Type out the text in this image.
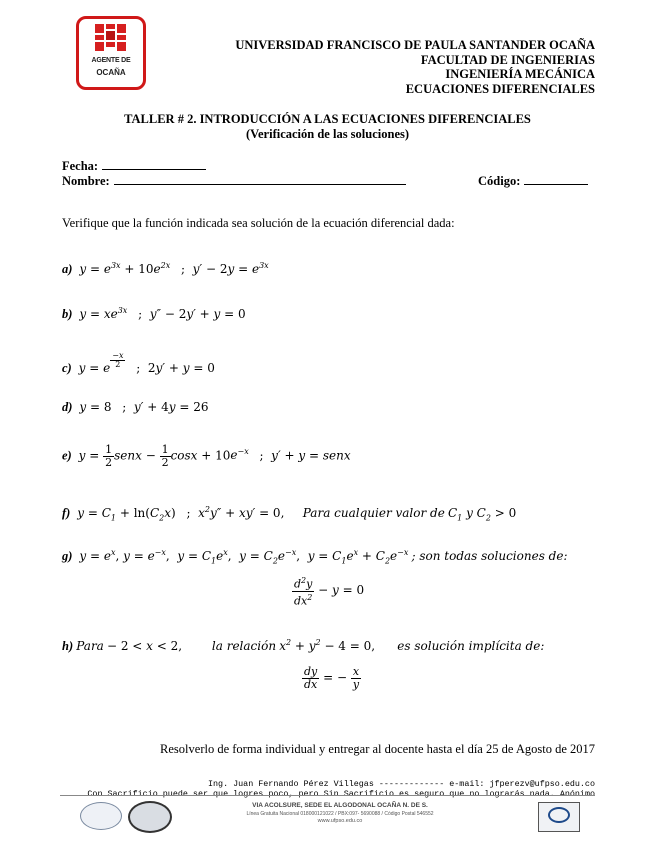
AGENTE DE
OCAÑA
UNIVERSIDAD FRANCISCO DE PAULA SANTANDER OCAÑA
FACULTAD DE INGENIERIAS
INGENIERÍA MECÁNICA
ECUACIONES DIFERENCIALES
TALLER # 2. INTRODUCCIÓN A LAS ECUACIONES DIFERENCIALES
(Verificación de las soluciones)
Fecha:
Nombre:	Código:
Verifique que la función indicada sea solución de la ecuación diferencial dada:
a)  $y = e^{3x} + 10e^{2x}$   ;  $y' - 2y = e^{3x}$
b)  $y = xe^{3x}$   ;  y″ − 2y′ + y = 0
c)  y = e $\frac{-x}{2}$ ;  2y′ + y = 0
d)  y = 8   ;  y′ + 4y = 26
e)  $y = \frac{1}{2}$ senx − $\frac{1}{2}$ $\cos x + 10e^{-x}$   ;  y′ + y = senx
f)  $y = C_1 + \ln(C_2x)$   ;  $x^2y'' + xy' = 0$,     Para cualquier valor de $C_1$ y $C_2 > 0$
g)  $y = e^x$, $y = e^{-x}$,  $y = C_1e^x$,  $y = C_2e^{-x}$,  $y = C_1e^x + C_2e^{-x}$ ; son todas soluciones de:
$\frac{d^2y}{dx^2} - y = 0$
h) Para − 2 < x < 2,        la relación $x^2 + y^2 - 4 = 0$,      es solución implícita de:
$\frac{dy}{dx}$ = − $\frac{x}{y}$
Resolverlo de forma individual y entregar al docente hasta el día 25 de Agosto de 2017
Ing. Juan Fernando Pérez Villegas ------------- e-mail: jfperezv@ufpso.edu.co
Con Sacrificio puede ser que logres poco, pero Sin Sacrificio es seguro que no lograrás nada. Anónimo
VIA ACOLSURE, SEDE EL ALGODONAL OCAÑA N. DE S.
Línea Gratuita Nacional 018000121022 / PBX:097- 5690088 / Código Postal 546552
www.ufpso.edu.co
